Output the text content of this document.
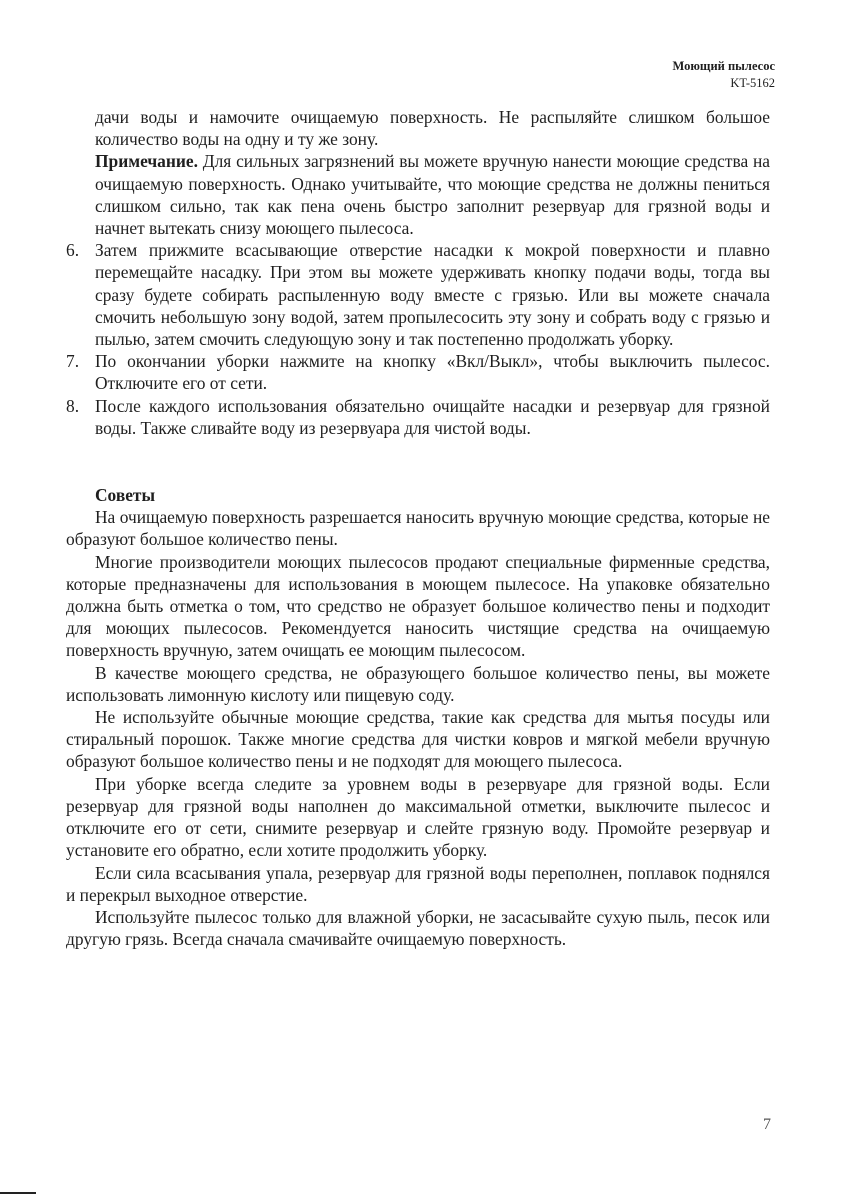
Моющий пылесос
KT-5162

дачи воды и намочите очищаемую поверхность. Не распыляйте слишком большое количество воды на одну и ту же зону.

Примечание. Для сильных загрязнений вы можете вручную нанести моющие средства на очищаемую поверхность. Однако учитывайте, что моющие средства не должны пениться слишком сильно, так как пена очень быстро заполнит резервуар для грязной воды и начнет вытекать снизу моющего пылесоса.

6. Затем прижмите всасывающие отверстие насадки к мокрой поверхности и плавно перемещайте насадку. При этом вы можете удерживать кнопку подачи воды, тогда вы сразу будете собирать распыленную воду вместе с грязью. Или вы можете сначала смочить небольшую зону водой, затем пропылесосить эту зону и собрать воду с грязью и пылью, затем смочить следующую зону и так постепенно продолжать уборку.
7. По окончании уборки нажмите на кнопку «Вкл/Выкл», чтобы выключить пылесос. Отключите его от сети.
8. После каждого использования обязательно очищайте насадки и резервуар для грязной воды. Также сливайте воду из резервуара для чистой воды.

Советы

На очищаемую поверхность разрешается наносить вручную моющие средства, которые не образуют большое количество пены.

Многие производители моющих пылесосов продают специальные фирменные средства, которые предназначены для использования в моющем пылесосе. На упаковке обязательно должна быть отметка о том, что средство не образует большое количество пены и подходит для моющих пылесосов. Рекомендуется наносить чистящие средства на очищаемую поверхность вручную, затем очищать ее моющим пылесосом.

В качестве моющего средства, не образующего большое количество пены, вы можете использовать лимонную кислоту или пищевую соду.

Не используйте обычные моющие средства, такие как средства для мытья посуды или стиральный порошок. Также многие средства для чистки ковров и мягкой мебели вручную образуют большое количество пены и не подходят для моющего пылесоса.

При уборке всегда следите за уровнем воды в резервуаре для грязной воды. Если резервуар для грязной воды наполнен до максимальной отметки, выключите пылесос и отключите его от сети, снимите резервуар и слейте грязную воду. Промойте резервуар и установите его обратно, если хотите продолжить уборку.

Если сила всасывания упала, резервуар для грязной воды переполнен, поплавок поднялся и перекрыл выходное отверстие.

Используйте пылесос только для влажной уборки, не засасывайте сухую пыль, песок или другую грязь. Всегда сначала смачивайте очищаемую поверхность.

7
